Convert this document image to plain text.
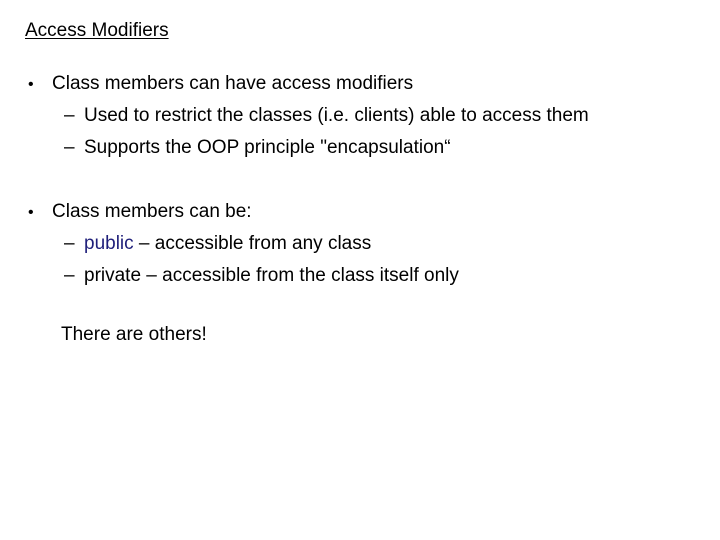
Access Modifiers
• Class members can have access modifiers
– Used to restrict the classes (i.e. clients) able to access them
– Supports the OOP principle "encapsulation“
• Class members can be:
– public – accessible from any class
– private – accessible from the class itself only
There are others!
